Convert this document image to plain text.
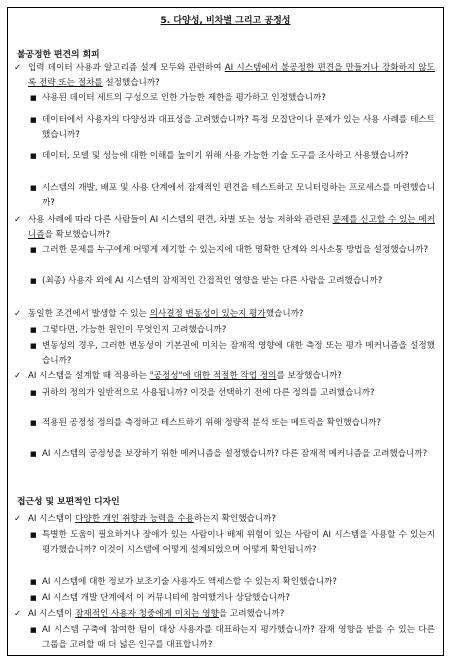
5. 다양성, 비차별 그리고 공정성
불공정한 편견의 회피
✓ 입력 데이터 사용과 알고리즘 설계 모두와 관련하여 AI 시스템에서 불공정한 편견을 만들거나 강화하지 않도록 전략 또는 절차를 설정했습니까?
■ 사용된 데이터 세트의 구성으로 인한 가능한 제한을 평가하고 인정했습니까?
■ 데이터에서 사용자의 다양성과 대표성을 고려했습니까? 특정 모집단이나 문제가 있는 사용 사례를 테스트했습니까?
■ 데이터, 모델 및 성능에 대한 이해를 높이기 위해 사용 가능한 기술 도구를 조사하고 사용했습니까?
■ 시스템의 개발, 배포 및 사용 단계에서 잠재적인 편견을 테스트하고 모니터링하는 프로세스를 마련했습니까?
✓ 사용 사례에 따라 다른 사람들이 AI 시스템의 편견, 차별 또는 성능 저하와 관련된 문제를 신고할 수 있는 메커니즘을 확보했습니까?
■ 그러한 문제를 누구에게 어떻게 제기할 수 있는지에 대한 명확한 단계와 의사소통 방법을 설정했습니까?
■ (최종) 사용자 외에 AI 시스템의 잠재적인 간접적인 영향을 받는 다른 사람을 고려했습니까?
✓ 동일한 조건에서 발생할 수 있는 의사결정 변동성이 있는지 평가했습니까?
■ 그렇다면, 가능한 원인이 무엇인지 고려했습니까?
■ 변동성의 경우, 그러한 변동성이 기본권에 미치는 잠재적 영향에 대한 측정 또는 평가 메커니즘을 설정했습니까?
✓ AI 시스템을 설계할 때 적용하는 "공정성"에 대한 적절한 작업 정의를 보장했습니까?
■ 귀하의 정의가 일반적으로 사용됩니까? 이것을 선택하기 전에 다른 정의를 고려했습니까?
■ 적용된 공정성 정의를 측정하고 테스트하기 위해 정량적 분석 또는 메트릭을 확인했습니까?
■ AI 시스템의 공정성을 보장하기 위한 메커니즘을 설정했습니까? 다른 잠재적 메커니즘을 고려했습니까?
접근성 및 보편적인 디자인
✓ AI 시스템이 다양한 개인 취향과 능력을 수용하는지 확인했습니까?
■ 특별한 도움이 필요하거나 장애가 있는 사람이나 배제 위험이 있는 사람이 AI 시스템을 사용할 수 있는지 평가했습니까? 이것이 시스템에 어떻게 설계되었으며 어떻게 확인됩니까?
■ AI 시스템에 대한 정보가 보조기술 사용자도 액세스할 수 있는지 확인했습니까?
■ AI 시스템 개발 단계에서 이 커뮤니티에 참여했거나 상담했습니까?
✓ AI 시스템이 잠재적인 사용자 청중에게 미치는 영향을 고려했습니까?
■ AI 시스템 구축에 참여한 팀이 대상 사용자를 대표하는지 평가했습니까? 잠재 영향을 받을 수 있는 다른 그룹을 고려할 때 더 넓은 인구를 대표합니까?
